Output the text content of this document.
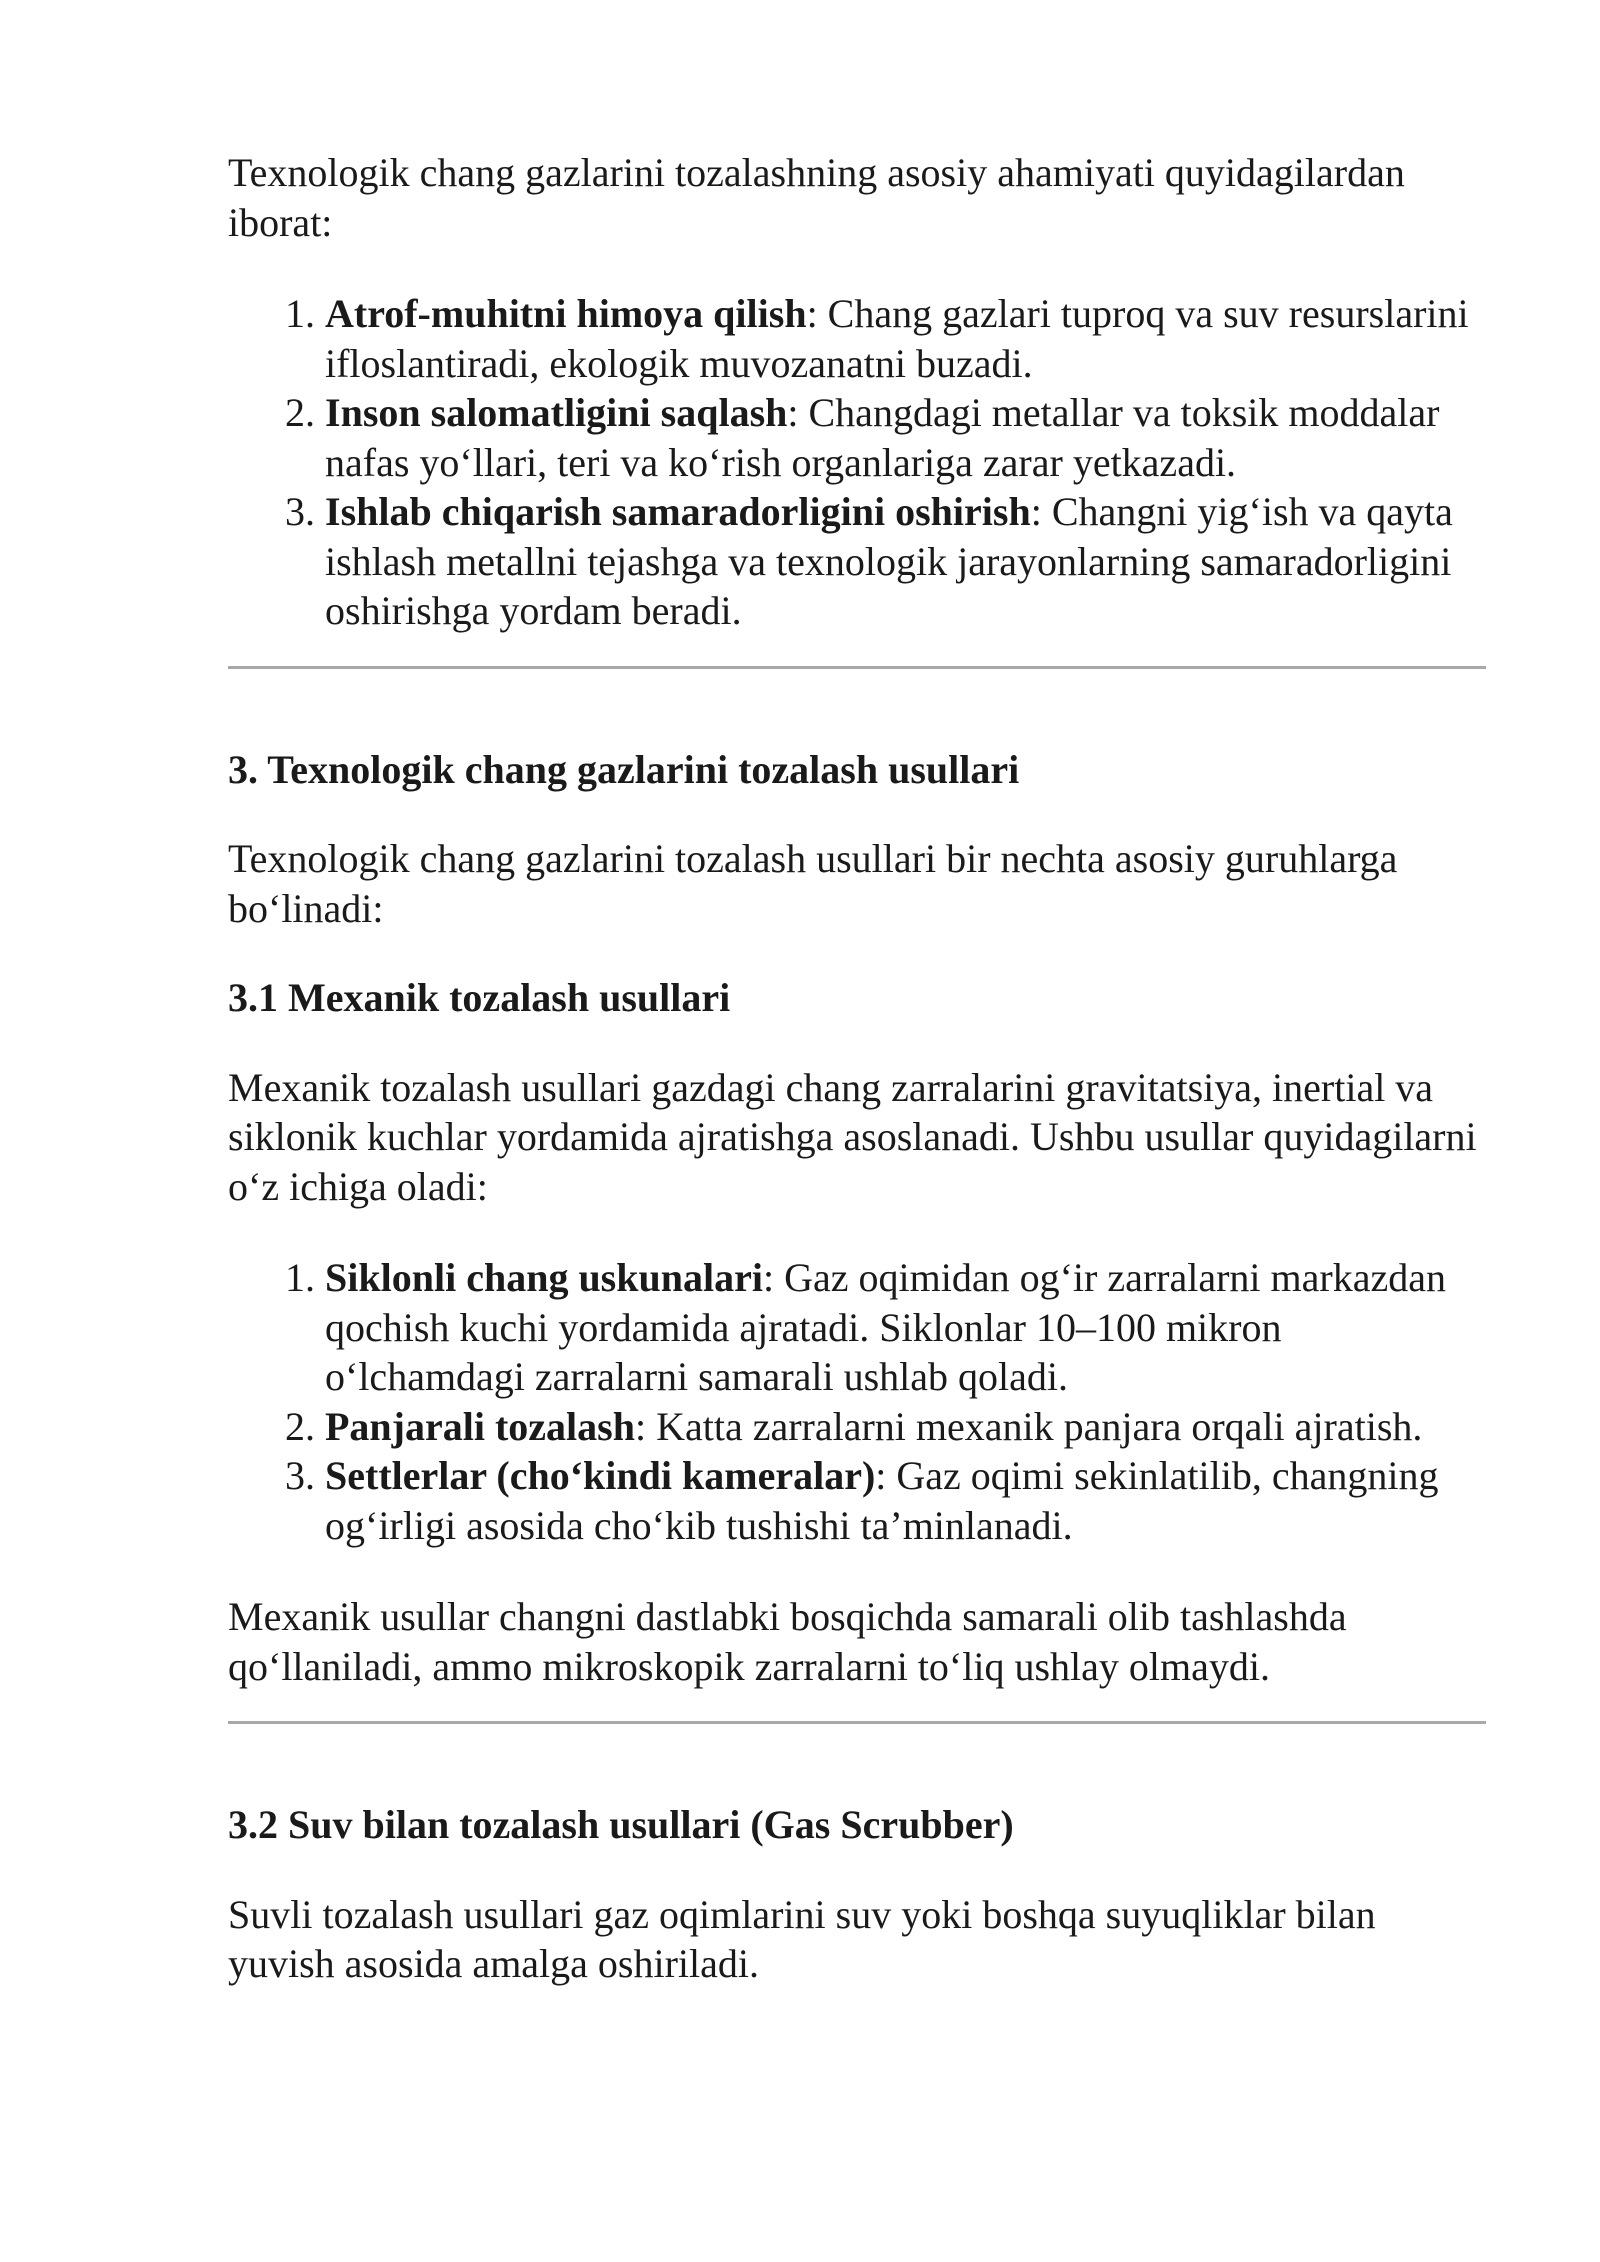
Texnologik chang gazlarini tozalashning asosiy ahamiyati quyidagilardan iborat:

1. Atrof-muhitni himoya qilish: Chang gazlari tuproq va suv resurslarini ifloslantiradi, ekologik muvozanatni buzadi.
2. Inson salomatligini saqlash: Changdagi metallar va toksik moddalar nafas yo‘llari, teri va ko‘rish organlariga zarar yetkazadi.
3. Ishlab chiqarish samaradorligini oshirish: Changni yig‘ish va qayta ishlash metallni tejashga va texnologik jarayonlarning samaradorligini oshirishga yordam beradi.
3. Texnologik chang gazlarini tozalash usullari

Texnologik chang gazlarini tozalash usullari bir nechta asosiy guruhlarga bo‘linadi:

3.1 Mexanik tozalash usullari

Mexanik tozalash usullari gazdagi chang zarralarini gravitatsiya, inertial va siklonik kuchlar yordamida ajratishga asoslanadi. Ushbu usullar quyidagilarni o‘z ichiga oladi:

1. Siklonli chang uskunalari: Gaz oqimidan og‘ir zarralarni markazdan qochish kuchi yordamida ajratadi. Siklonlar 10–100 mikron o‘lchamdagi zarralarni samarali ushlab qoladi.
2. Panjarali tozalash: Katta zarralarni mexanik panjara orqali ajratish.
3. Settlerlar (cho‘kindi kameralar): Gaz oqimi sekinlatilib, changning og‘irligi asosida cho‘kib tushishi ta’minlanadi.

Mexanik usullar changni dastlabki bosqichda samarali olib tashlashda qo‘llaniladi, ammo mikroskopik zarralarni to‘liq ushlay olmaydi.

3.2 Suv bilan tozalash usullari (Gas Scrubber)

Suvli tozalash usullari gaz oqimlarini suv yoki boshqa suyuqliklar bilan yuvish asosida amalga oshiriladi.
